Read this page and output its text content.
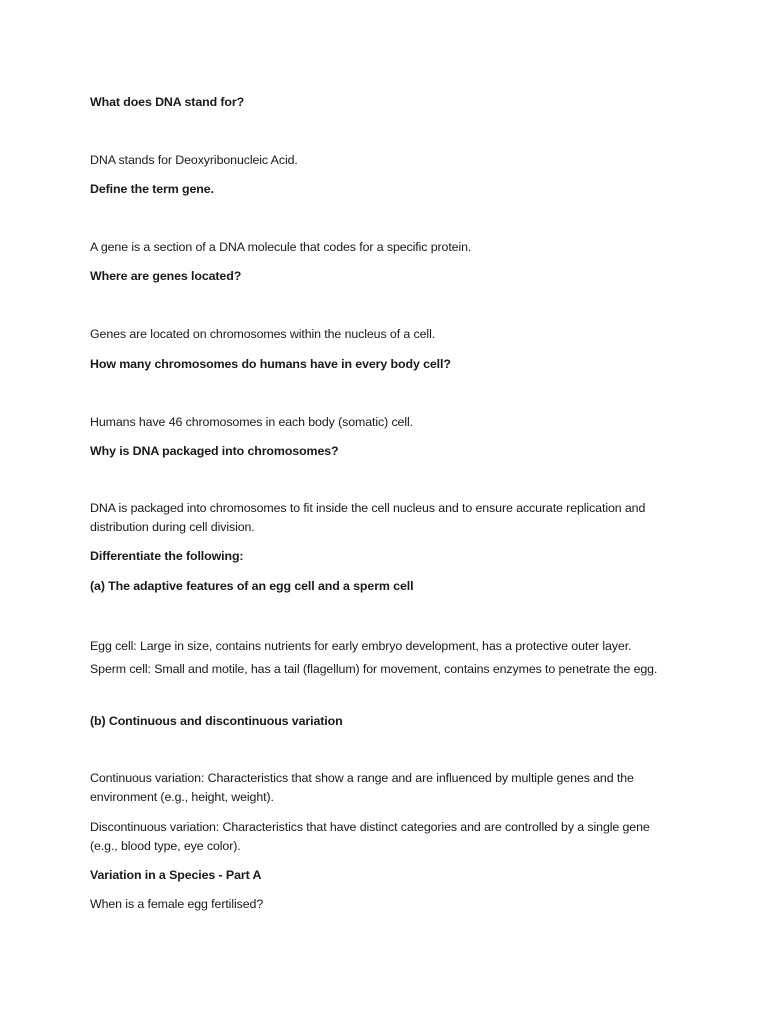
What does DNA stand for?
DNA stands for Deoxyribonucleic Acid.
Define the term gene.
A gene is a section of a DNA molecule that codes for a specific protein.
Where are genes located?
Genes are located on chromosomes within the nucleus of a cell.
How many chromosomes do humans have in every body cell?
Humans have 46 chromosomes in each body (somatic) cell.
Why is DNA packaged into chromosomes?
DNA is packaged into chromosomes to fit inside the cell nucleus and to ensure accurate replication and distribution during cell division.
Differentiate the following:
(a) The adaptive features of an egg cell and a sperm cell
Egg cell: Large in size, contains nutrients for early embryo development, has a protective outer layer.
Sperm cell: Small and motile, has a tail (flagellum) for movement, contains enzymes to penetrate the egg.
(b) Continuous and discontinuous variation
Continuous variation: Characteristics that show a range and are influenced by multiple genes and the environment (e.g., height, weight).
Discontinuous variation: Characteristics that have distinct categories and are controlled by a single gene (e.g., blood type, eye color).
Variation in a Species - Part A
When is a female egg fertilised?
